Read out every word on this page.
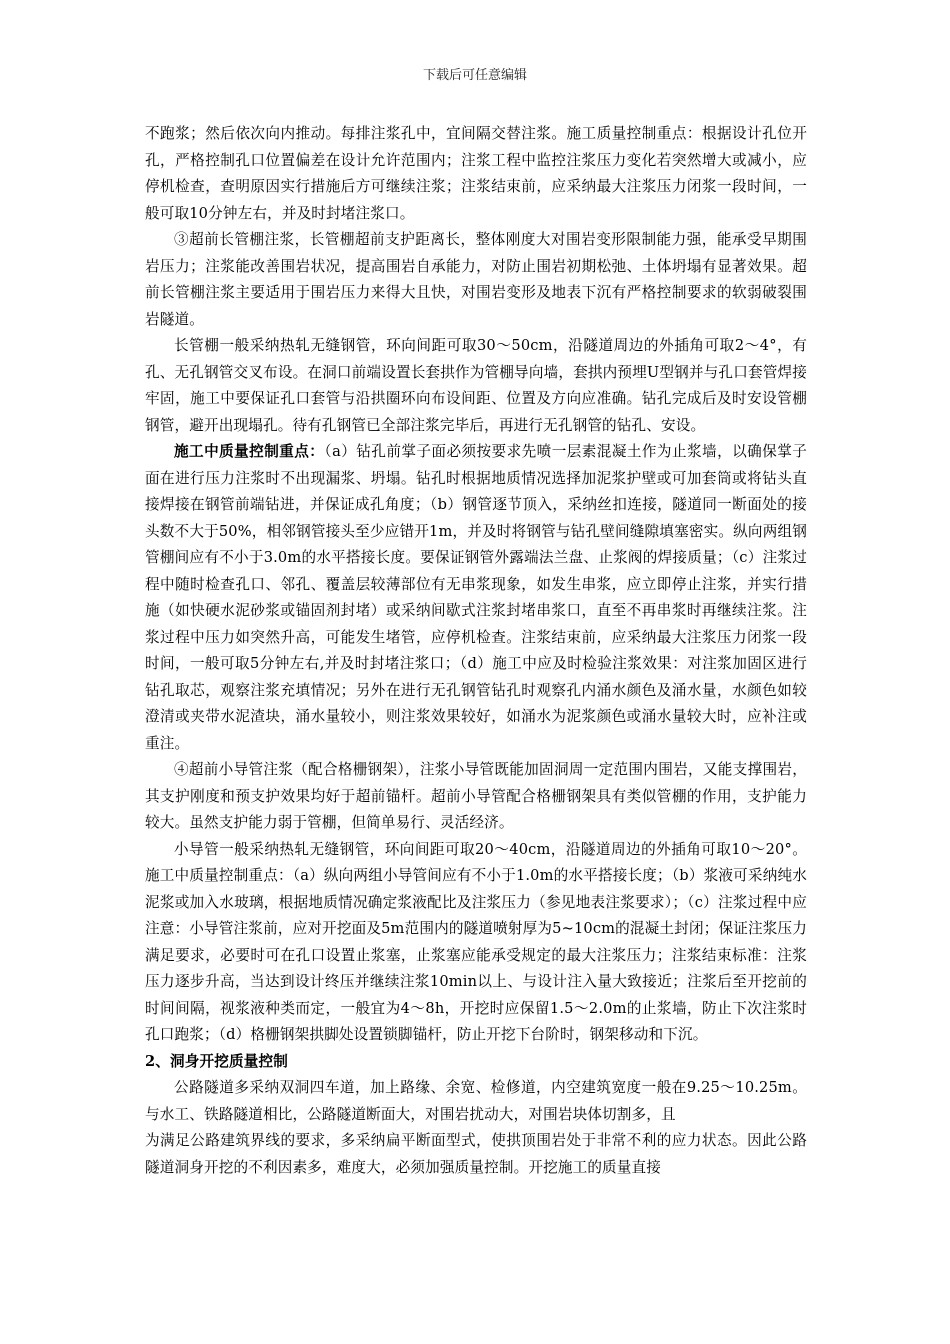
下载后可任意编辑

不跑浆；然后依次向内推动。每排注浆孔中，宜间隔交替注浆。施工质量控制重点：根据设计孔位开孔，严格控制孔口位置偏差在设计允许范围内；注浆工程中监控注浆压力变化若突然增大或减小，应停机检查，查明原因实行措施后方可继续注浆；注浆结束前，应采纳最大注浆压力闭浆一段时间，一般可取10分钟左右，并及时封堵注浆口。

③超前长管棚注浆，长管棚超前支护距离长，整体刚度大对围岩变形限制能力强，能承受早期围岩压力；注浆能改善围岩状况，提高围岩自承能力，对防止围岩初期松弛、土体坍塌有显著效果。超前长管棚注浆主要适用于围岩压力来得大且快，对围岩变形及地表下沉有严格控制要求的软弱破裂围岩隧道。

长管棚一般采纳热轧无缝钢管，环向间距可取30～50cm，沿隧道周边的外插角可取2～4°，有孔、无孔钢管交叉布设。在洞口前端设置长套拱作为管棚导向墙，套拱内预埋U型钢并与孔口套管焊接牢固，施工中要保证孔口套管与沿拱圈环向布设间距、位置及方向应准确。钻孔完成后及时安设管棚钢管，避开出现塌孔。待有孔钢管已全部注浆完毕后，再进行无孔钢管的钻孔、安设。

施工中质量控制重点：（a）钻孔前掌子面必须按要求先喷一层素混凝土作为止浆墙，以确保掌子面在进行压力注浆时不出现漏浆、坍塌。钻孔时根据地质情况选择加泥浆护壁或可加套筒或将钻头直接焊接在钢管前端钻进，并保证成孔角度；（b）钢管逐节顶入，采纳丝扣连接，隧道同一断面处的接头数不大于50%，相邻钢管接头至少应错开1m，并及时将钢管与钻孔壁间缝隙填塞密实。纵向两组钢管棚间应有不小于3.0m的水平搭接长度。要保证钢管外露端法兰盘、止浆阀的焊接质量；（c）注浆过程中随时检查孔口、邻孔、覆盖层较薄部位有无串浆现象，如发生串浆，应立即停止注浆，并实行措施（如快硬水泥砂浆或锚固剂封堵）或采纳间歇式注浆封堵串浆口，直至不再串浆时再继续注浆。注浆过程中压力如突然升高，可能发生堵管，应停机检查。注浆结束前，应采纳最大注浆压力闭浆一段时间，一般可取5分钟左右,并及时封堵注浆口；（d）施工中应及时检验注浆效果：对注浆加固区进行钻孔取芯，观察注浆充填情况；另外在进行无孔钢管钻孔时观察孔内涌水颜色及涌水量，水颜色如较澄清或夹带水泥渣块，涌水量较小，则注浆效果较好，如涌水为泥浆颜色或涌水量较大时，应补注或重注。

④超前小导管注浆（配合格栅钢架），注浆小导管既能加固洞周一定范围内围岩，又能支撑围岩，其支护刚度和预支护效果均好于超前锚杆。超前小导管配合格栅钢架具有类似管棚的作用，支护能力较大。虽然支护能力弱于管棚，但简单易行、灵活经济。

小导管一般采纳热轧无缝钢管，环向间距可取20～40cm，沿隧道周边的外插角可取10～20°。施工中质量控制重点：（a）纵向两组小导管间应有不小于1.0m的水平搭接长度；（b）浆液可采纳纯水泥浆或加入水玻璃，根据地质情况确定浆液配比及注浆压力（参见地表注浆要求）；（c）注浆过程中应注意：小导管注浆前，应对开挖面及5m范围内的隧道喷射厚为5~10cm的混凝土封闭；保证注浆压力满足要求，必要时可在孔口设置止浆塞，止浆塞应能承受规定的最大注浆压力；注浆结束标准：注浆压力逐步升高，当达到设计终压并继续注浆10min以上、与设计注入量大致接近；注浆后至开挖前的时间间隔，视浆液种类而定，一般宜为4～8h，开挖时应保留1.5～2.0m的止浆墙，防止下次注浆时孔口跑浆；（d）格栅钢架拱脚处设置锁脚锚杆，防止开挖下台阶时，钢架移动和下沉。

2、洞身开挖质量控制

公路隧道多采纳双洞四车道，加上路缘、余宽、检修道，内空建筑宽度一般在9.25～10.25m。与水工、铁路隧道相比，公路隧道断面大，对围岩扰动大，对围岩块体切割多，且

为满足公路建筑界线的要求，多采纳扁平断面型式，使拱顶围岩处于非常不利的应力状态。因此公路隧道洞身开挖的不利因素多，难度大，必须加强质量控制。开挖施工的质量直接
